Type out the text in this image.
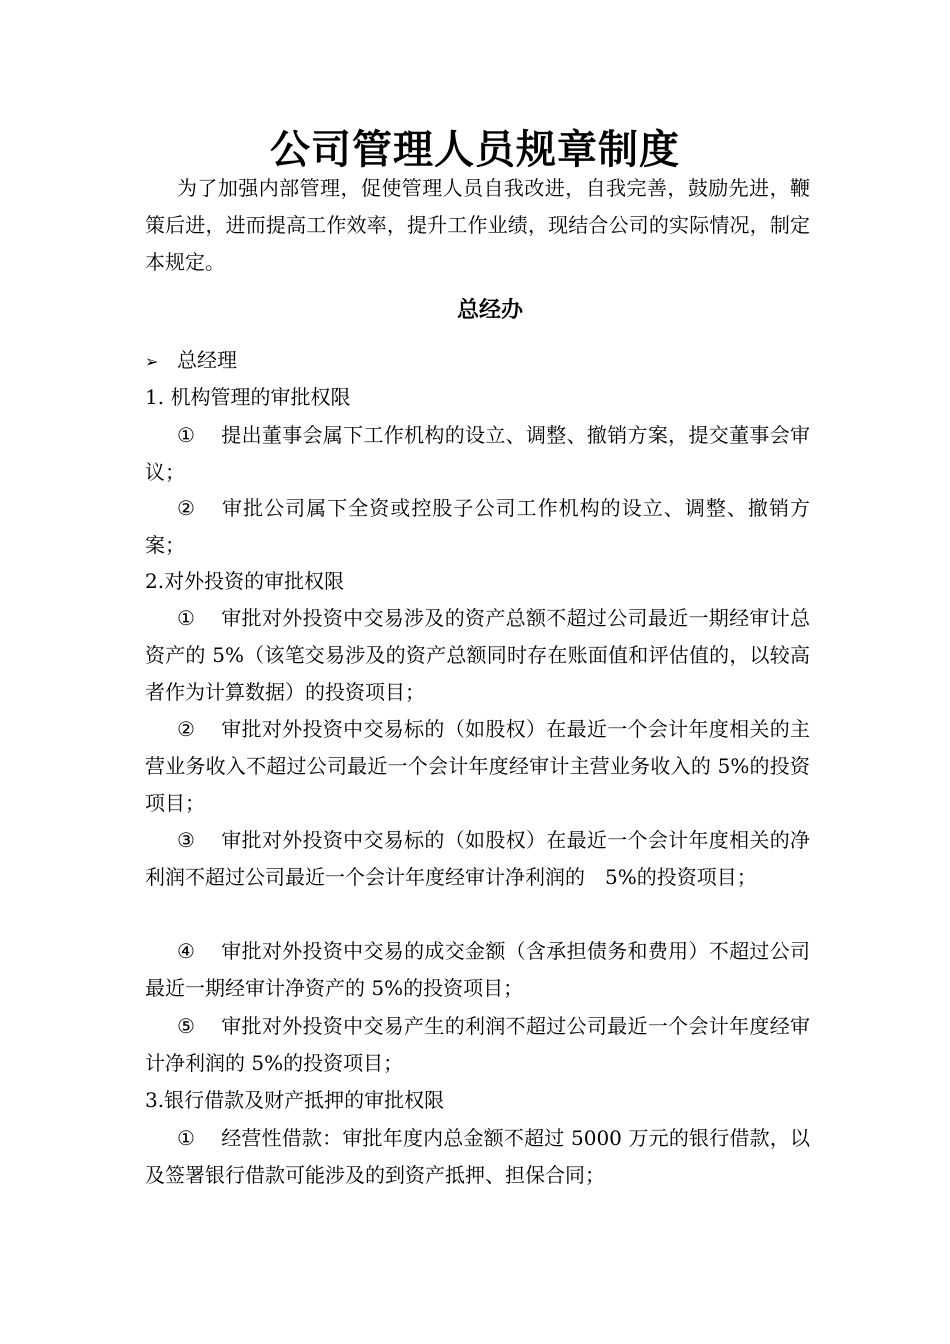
公司管理人员规章制度
为了加强内部管理，促使管理人员自我改进，自我完善，鼓励先进，鞭策后进，进而提高工作效率，提升工作业绩，现结合公司的实际情况，制定本规定。
总经办
➢ 总经理
1. 机构管理的审批权限
① 提出董事会属下工作机构的设立、调整、撤销方案，提交董事会审议；
② 审批公司属下全资或控股子公司工作机构的设立、调整、撤销方案；
2.对外投资的审批权限
① 审批对外投资中交易涉及的资产总额不超过公司最近一期经审计总资产的 5%（该笔交易涉及的资产总额同时存在账面值和评估值的，以较高者作为计算数据）的投资项目；
② 审批对外投资中交易标的（如股权）在最近一个会计年度相关的主营业务收入不超过公司最近一个会计年度经审计主营业务收入的 5%的投资项目；
③ 审批对外投资中交易标的（如股权）在最近一个会计年度相关的净利润不超过公司最近一个会计年度经审计净利润的　5%的投资项目；
④ 审批对外投资中交易的成交金额（含承担债务和费用）不超过公司最近一期经审计净资产的 5%的投资项目；
⑤ 审批对外投资中交易产生的利润不超过公司最近一个会计年度经审计净利润的 5%的投资项目；
3.银行借款及财产抵押的审批权限
① 经营性借款：审批年度内总金额不超过 5000 万元的银行借款，以及签署银行借款可能涉及的到资产抵押、担保合同；
